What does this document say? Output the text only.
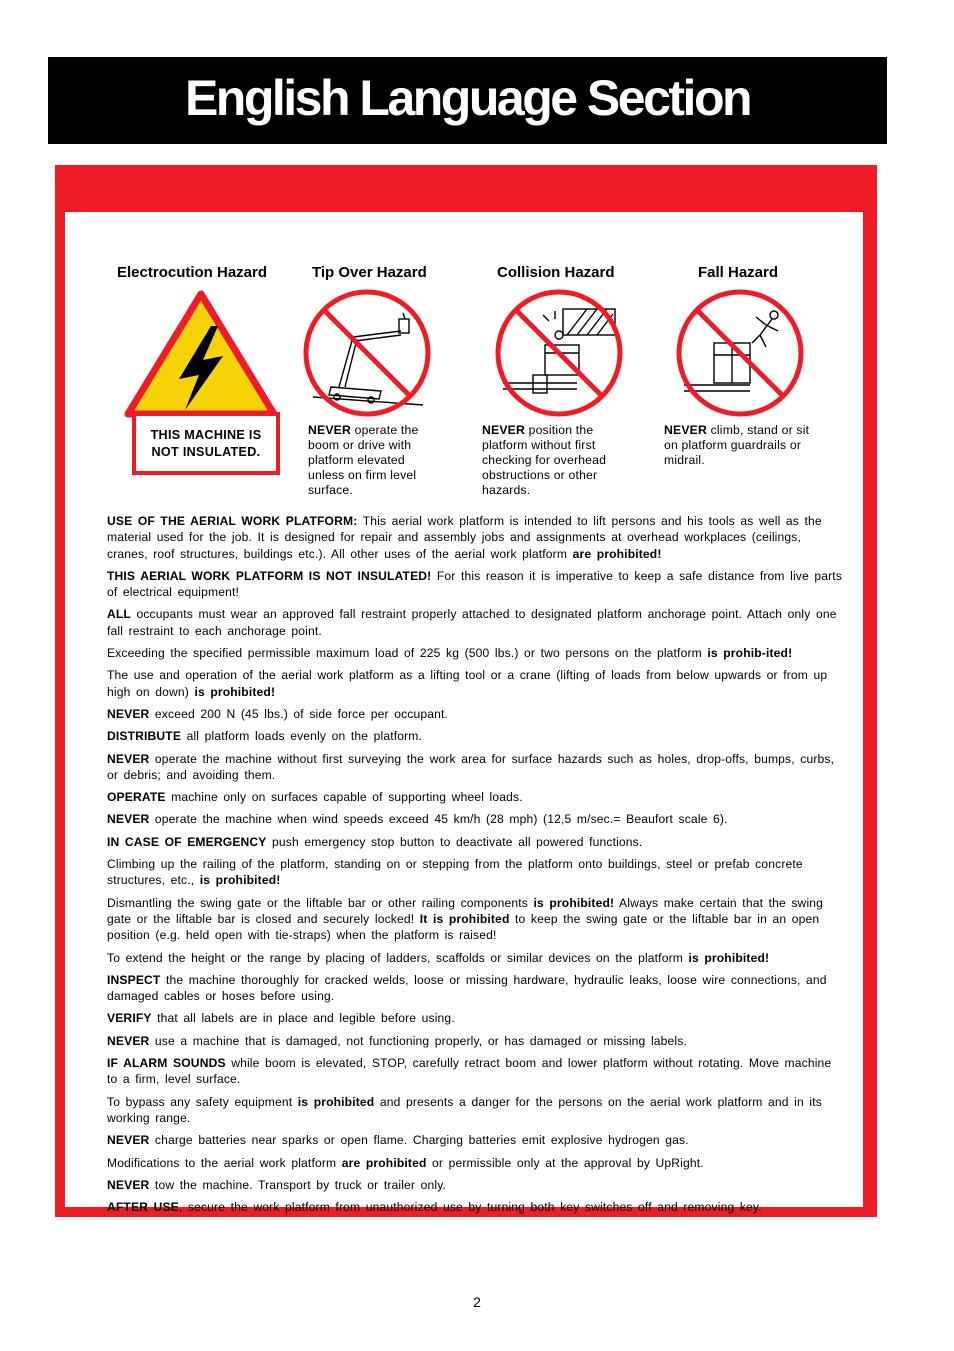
English Language Section
Electrocution Hazard	Tip Over Hazard	Collision Hazard	Fall Hazard
THIS MACHINE IS
NOT INSULATED.
NEVER operate the
boom or drive with
platform elevated
unless on firm level
surface.
NEVER position the
platform without first
checking for overhead
obstructions or other
hazards.
NEVER climb, stand or sit
on platform guardrails or
midrail.

USE OF THE AERIAL WORK PLATFORM: This aerial work platform is intended to lift persons and his tools as well as the material used for the job. It is designed for repair and assembly jobs and assignments at overhead workplaces (ceilings, cranes, roof structures, buildings etc.). All other uses of the aerial work platform are prohibited!

THIS AERIAL WORK PLATFORM IS NOT INSULATED! For this reason it is imperative to keep a safe distance from live parts of electrical equipment!

ALL occupants must wear an approved fall restraint properly attached to designated platform anchorage point. Attach only one fall restraint to each anchorage point.

Exceeding the specified permissible maximum load of 225 kg (500 lbs.) or two persons on the platform is prohib-ited!

The use and operation of the aerial work platform as a lifting tool or a crane (lifting of loads from below upwards or from up high on down) is prohibited!

NEVER exceed 200 N (45 lbs.) of side force per occupant.

DISTRIBUTE all platform loads evenly on the platform.

NEVER operate the machine without first surveying the work area for surface hazards such as holes, drop-offs, bumps, curbs, or debris; and avoiding them.

OPERATE machine only on surfaces capable of supporting wheel loads.

NEVER operate the machine when wind speeds exceed 45 km/h (28 mph) (12,5 m/sec.= Beaufort scale 6).

IN CASE OF EMERGENCY push emergency stop button to deactivate all powered functions.

Climbing up the railing of the platform, standing on or stepping from the platform onto buildings, steel or prefab concrete structures, etc., is prohibited!

Dismantling the swing gate or the liftable bar or other railing components is prohibited! Always make certain that the swing gate or the liftable bar is closed and securely locked! It is prohibited to keep the swing gate or the liftable bar in an open position (e.g. held open with tie-straps) when the platform is raised!

To extend the height or the range by placing of ladders, scaffolds or similar devices on the platform is prohibited!

INSPECT the machine thoroughly for cracked welds, loose or missing hardware, hydraulic leaks, loose wire connections, and damaged cables or hoses before using.

VERIFY that all labels are in place and legible before using.

NEVER use a machine that is damaged, not functioning properly, or has damaged or missing labels.

IF ALARM SOUNDS while boom is elevated, STOP, carefully retract boom and lower platform without rotating. Move machine to a firm, level surface.

To bypass any safety equipment is prohibited and presents a danger for the persons on the aerial work platform and in its working range.

NEVER charge batteries near sparks or open flame. Charging batteries emit explosive hydrogen gas.

Modifications to the aerial work platform are prohibited or permissible only at the approval by UpRight.

NEVER tow the machine. Transport by truck or trailer only.

AFTER USE, secure the work platform from unauthorized use by turning both key switches off and removing key.

2
